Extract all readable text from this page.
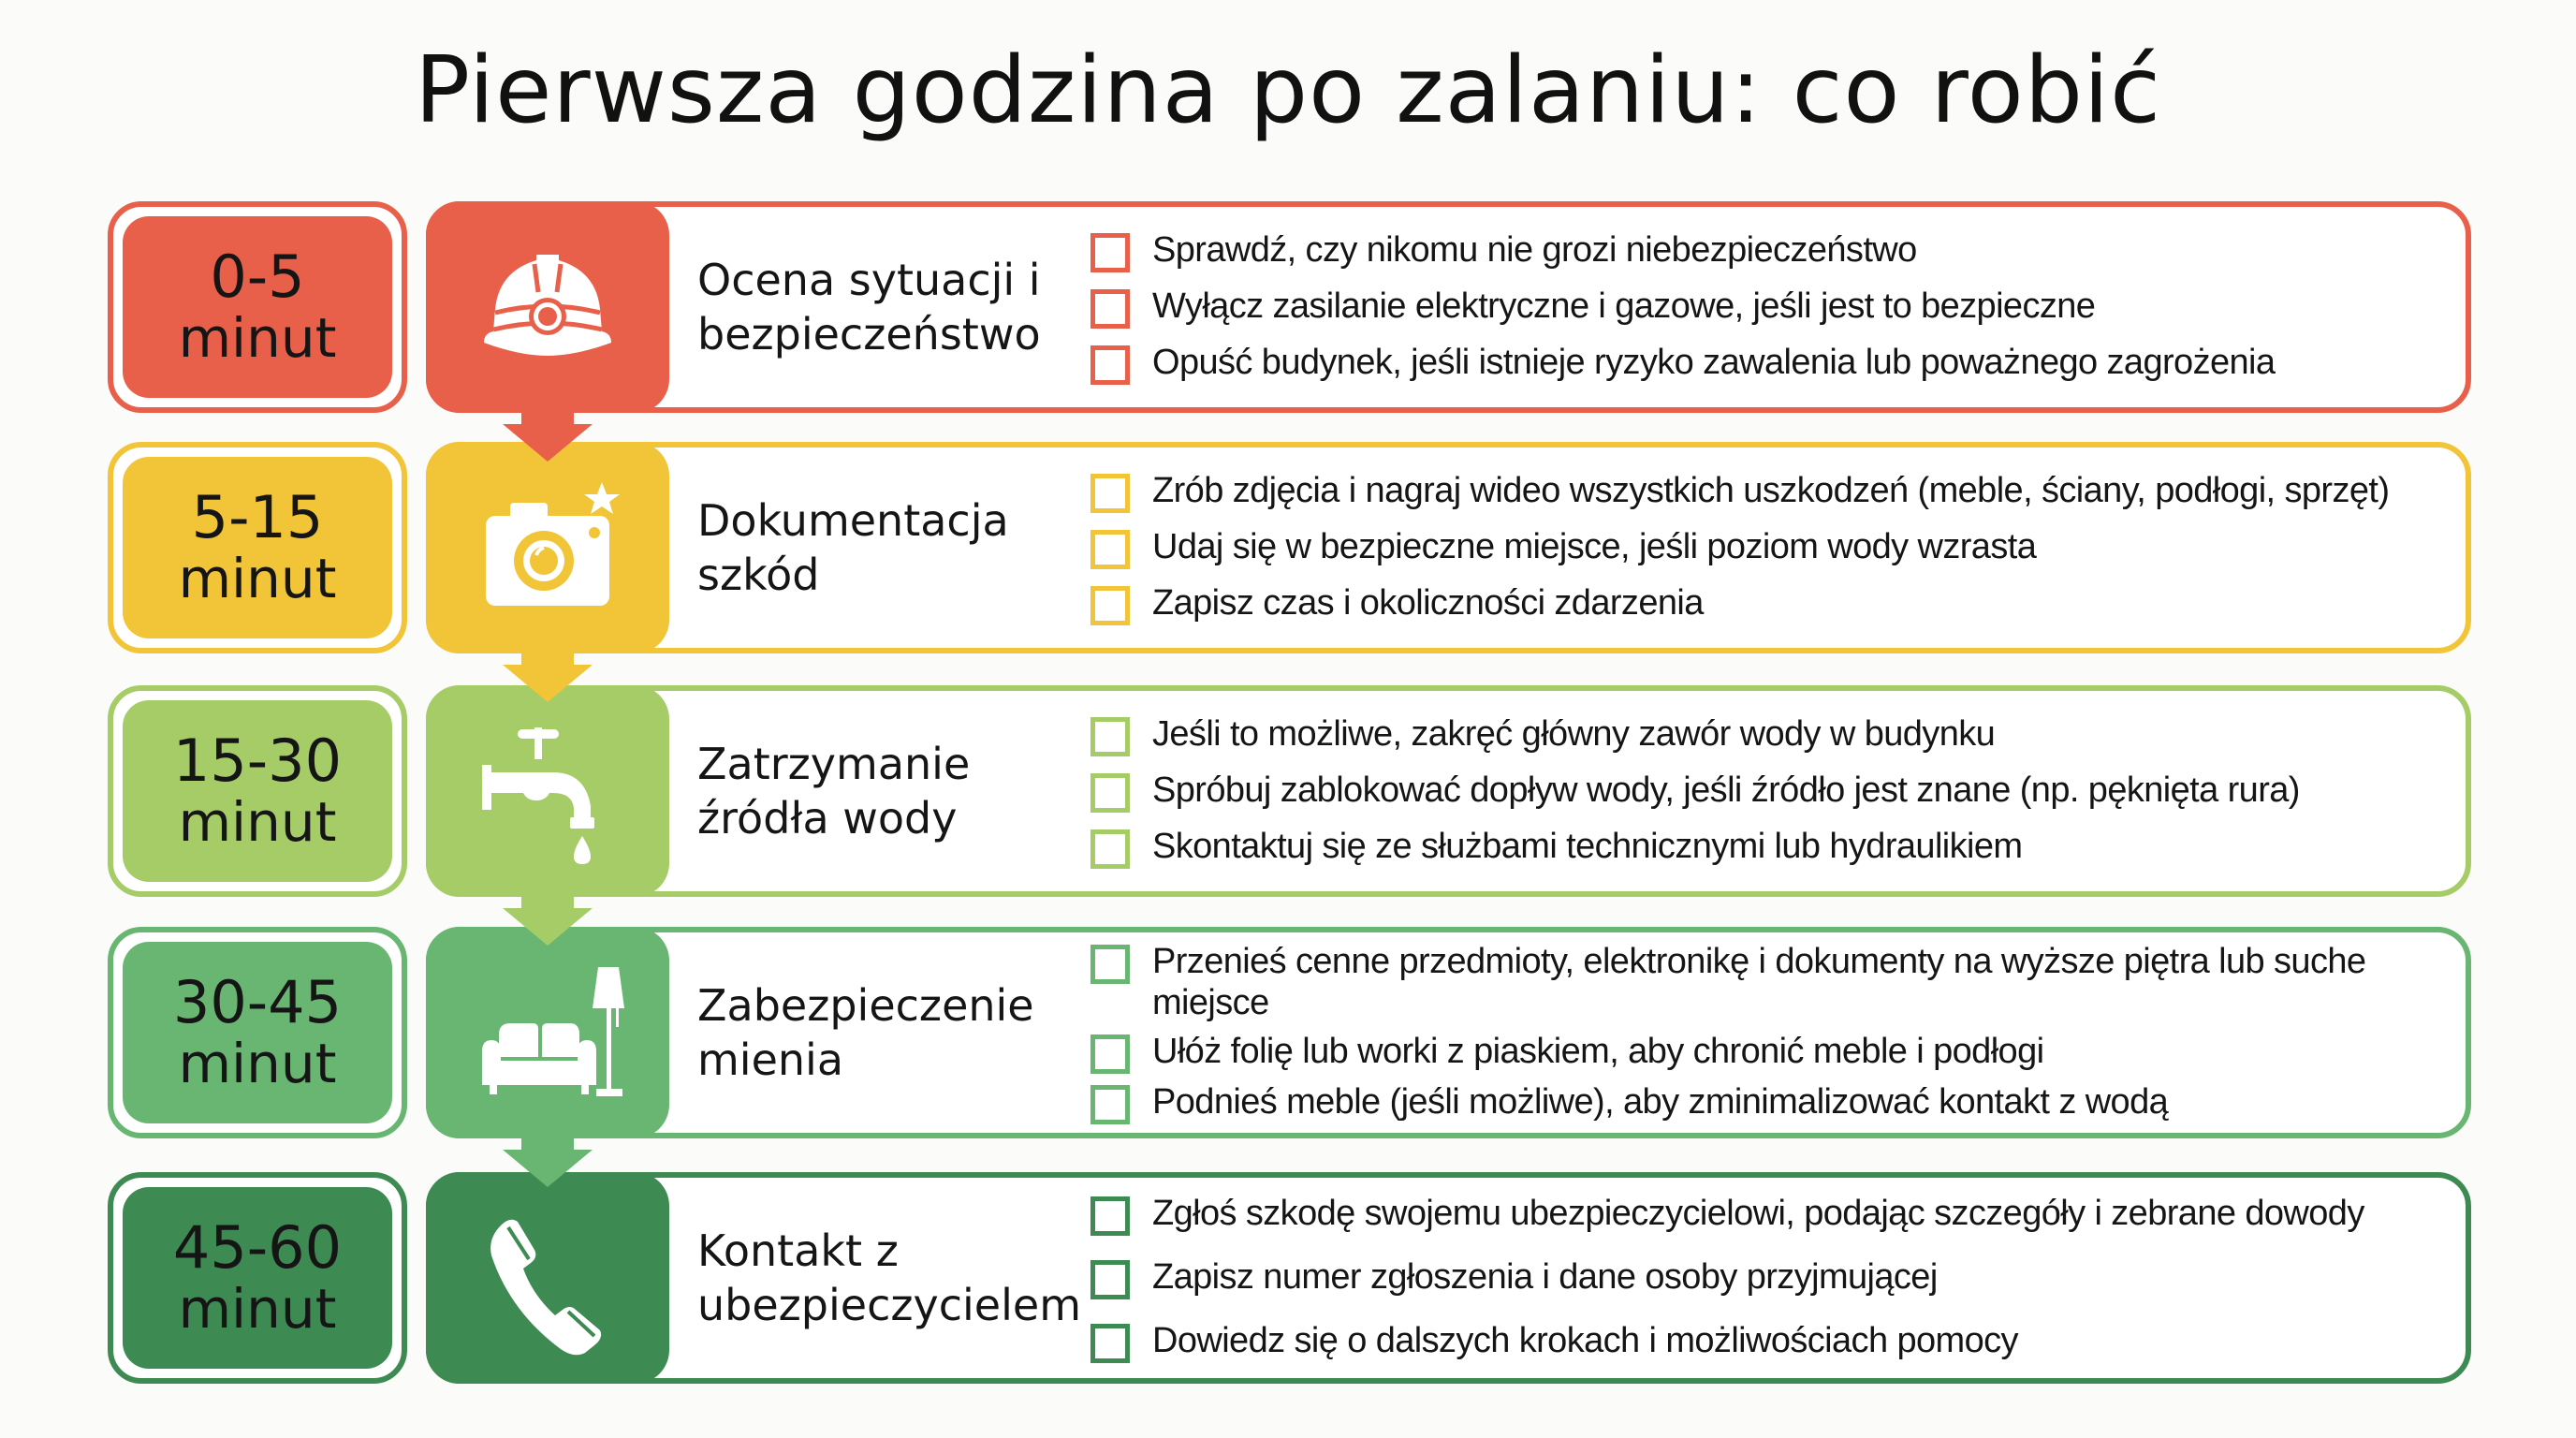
Pierwsza godzina po zalaniu: co robić
0-5
minut
Ocena sytuacji i
bezpieczeństwo
Sprawdź, czy nikomu nie grozi niebezpieczeństwo
Wyłącz zasilanie elektryczne i gazowe, jeśli jest to bezpieczne
Opuść budynek, jeśli istnieje ryzyko zawalenia lub poważnego zagrożenia
5-15
minut
Dokumentacja
szkód
Zrób zdjęcia i nagraj wideo wszystkich uszkodzeń (meble, ściany, podłogi, sprzęt)
Udaj się w bezpieczne miejsce, jeśli poziom wody wzrasta
Zapisz czas i okoliczności zdarzenia
15-30
minut
Zatrzymanie
źródła wody
Jeśli to możliwe, zakręć główny zawór wody w budynku
Spróbuj zablokować dopływ wody, jeśli źródło jest znane (np. pęknięta rura)
Skontaktuj się ze służbami technicznymi lub hydraulikiem
30-45
minut
Zabezpieczenie
mienia
Przenieś cenne przedmioty, elektronikę i dokumenty na wyższe piętra lub suche miejsce
Ułóż folię lub worki z piaskiem, aby chronić meble i podłogi
Podnieś meble (jeśli możliwe), aby zminimalizować kontakt z wodą
45-60
minut
Kontakt z
ubezpieczycielem
Zgłoś szkodę swojemu ubezpieczycielowi, podając szczegóły i zebrane dowody
Zapisz numer zgłoszenia i dane osoby przyjmującej
Dowiedz się o dalszych krokach i możliwościach pomocy
